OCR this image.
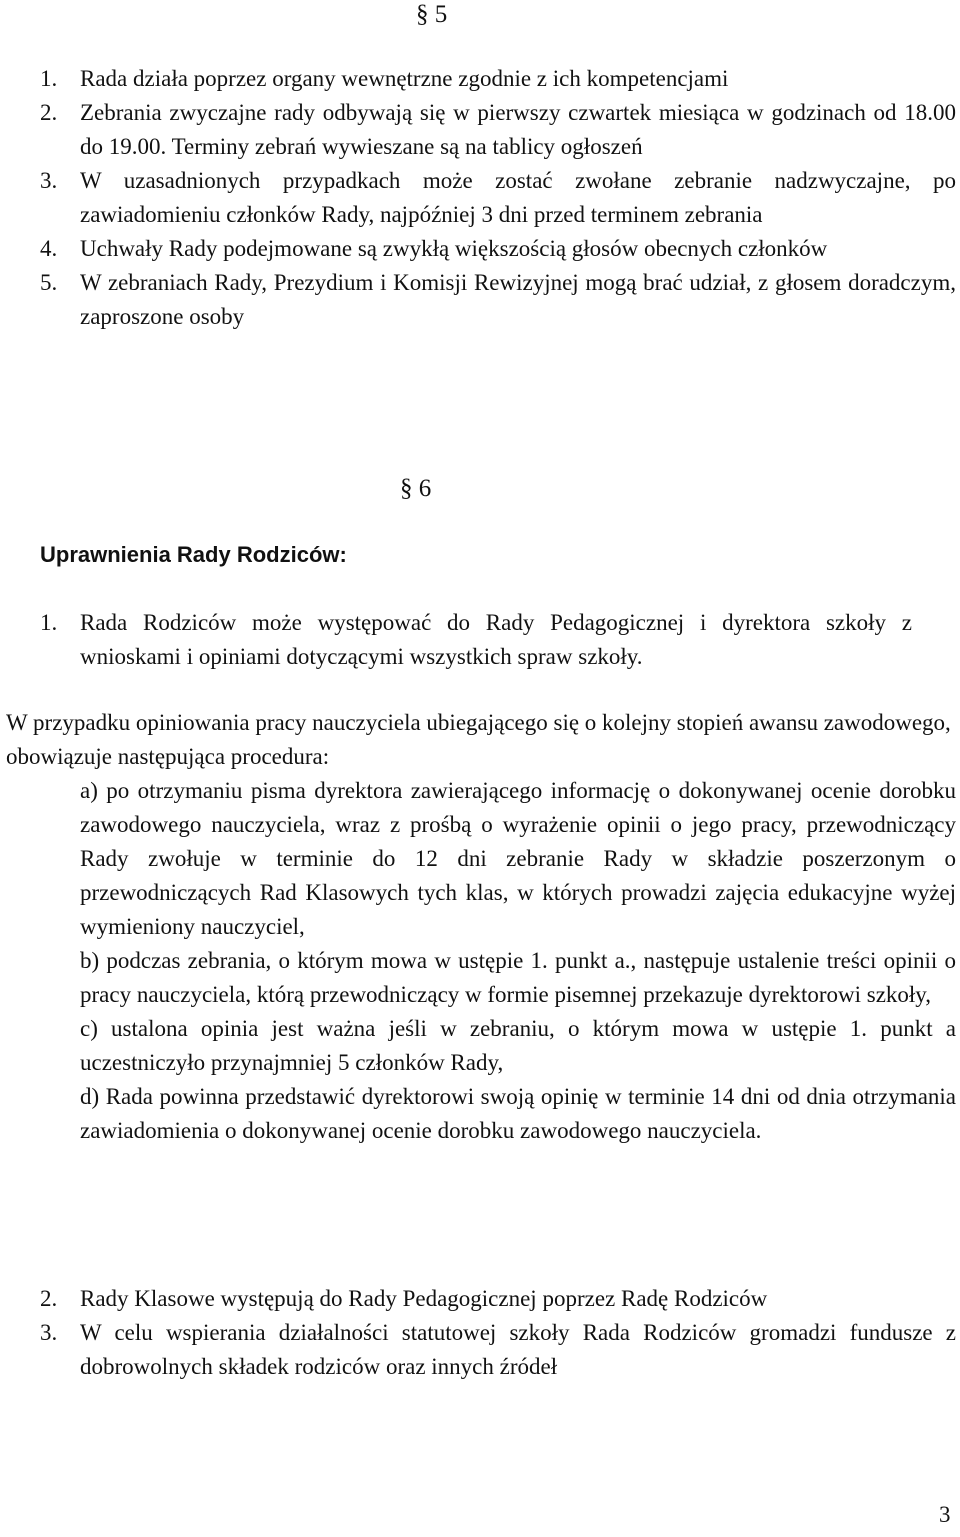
§ 5
1. Rada działa poprzez organy wewnętrzne zgodnie z ich kompetencjami
2. Zebrania zwyczajne rady odbywają się w pierwszy czwartek miesiąca w godzinach od 18.00 do 19.00. Terminy zebrań wywieszane są na tablicy ogłoszeń
3. W uzasadnionych przypadkach może zostać zwołane zebranie nadzwyczajne, po zawiadomieniu członków Rady, najpóźniej 3 dni przed terminem zebrania
4. Uchwały Rady podejmowane są zwykłą większością głosów obecnych członków
5. W zebraniach Rady, Prezydium i Komisji Rewizyjnej mogą brać udział, z głosem doradczym, zaproszone osoby
§ 6
Uprawnienia Rady Rodziców:
1. Rada Rodziców może występować do Rady Pedagogicznej i dyrektora szkoły z wnioskami i opiniami dotyczącymi wszystkich spraw szkoły.

W przypadku opiniowania pracy nauczyciela ubiegającego się o kolejny stopień awansu zawodowego, obowiązuje następująca procedura:

a) po otrzymaniu pisma dyrektora zawierającego informację o dokonywanej ocenie dorobku zawodowego nauczyciela, wraz z prośbą o wyrażenie opinii o jego pracy, przewodniczący Rady zwołuje w terminie do 12 dni zebranie Rady w składzie poszerzonym o przewodniczących Rad Klasowych tych klas, w których prowadzi zajęcia edukacyjne wyżej wymieniony nauczyciel,
b) podczas zebrania, o którym mowa w ustępie 1. punkt a., następuje ustalenie treści opinii o pracy nauczyciela, którą przewodniczący w formie pisemnej przekazuje dyrektorowi szkoły,
c) ustalona opinia jest ważna jeśli w zebraniu, o którym mowa w ustępie 1. punkt a uczestniczyło przynajmniej 5 członków Rady,
d) Rada powinna przedstawić dyrektorowi swoją opinię w terminie 14 dni od dnia otrzymania zawiadomienia o dokonywanej ocenie dorobku zawodowego nauczyciela.
2. Rady Klasowe występują do Rady Pedagogicznej poprzez Radę Rodziców
3. W celu wspierania działalności statutowej szkoły Rada Rodziców gromadzi fundusze z dobrowolnych składek rodziców oraz innych źródeł
3
